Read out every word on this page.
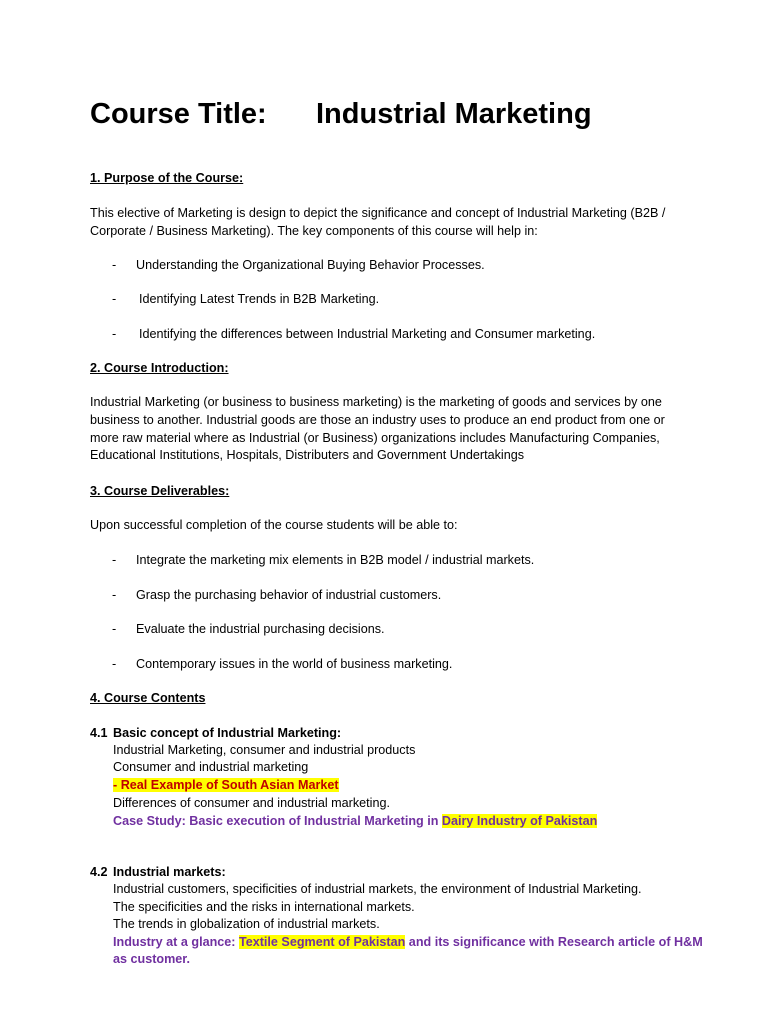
Course Title: Industrial Marketing
1. Purpose of the Course:
This elective of Marketing is design to depict the significance and concept of Industrial Marketing (B2B /
Corporate / Business Marketing). The key components of this course will help in:
- Understanding the Organizational Buying Behavior Processes.
- Identifying Latest Trends in B2B Marketing.
- Identifying the differences between Industrial Marketing and Consumer marketing.
2. Course Introduction:
Industrial Marketing (or business to business marketing) is the marketing of goods and services by one
business to another. Industrial goods are those an industry uses to produce an end product from one or
more raw material where as Industrial (or Business) organizations includes Manufacturing Companies,
Educational Institutions, Hospitals, Distributers and Government Undertakings
3. Course Deliverables:
Upon successful completion of the course students will be able to:
- Integrate the marketing mix elements in B2B model / industrial markets.
- Grasp the purchasing behavior of industrial customers.
- Evaluate the industrial purchasing decisions.
- Contemporary issues in the world of business marketing.
4. Course Contents
4.1 Basic concept of Industrial Marketing:
Industrial Marketing, consumer and industrial products
Consumer and industrial marketing
- Real Example of South Asian Market
Differences of consumer and industrial marketing.
Case Study: Basic execution of Industrial Marketing in Dairy Industry of Pakistan
4.2 Industrial markets:
Industrial customers, specificities of industrial markets, the environment of Industrial Marketing.
The specificities and the risks in international markets.
The trends in globalization of industrial markets.
Industry at a glance: Textile Segment of Pakistan and its significance with Research article of H&M
as customer.
